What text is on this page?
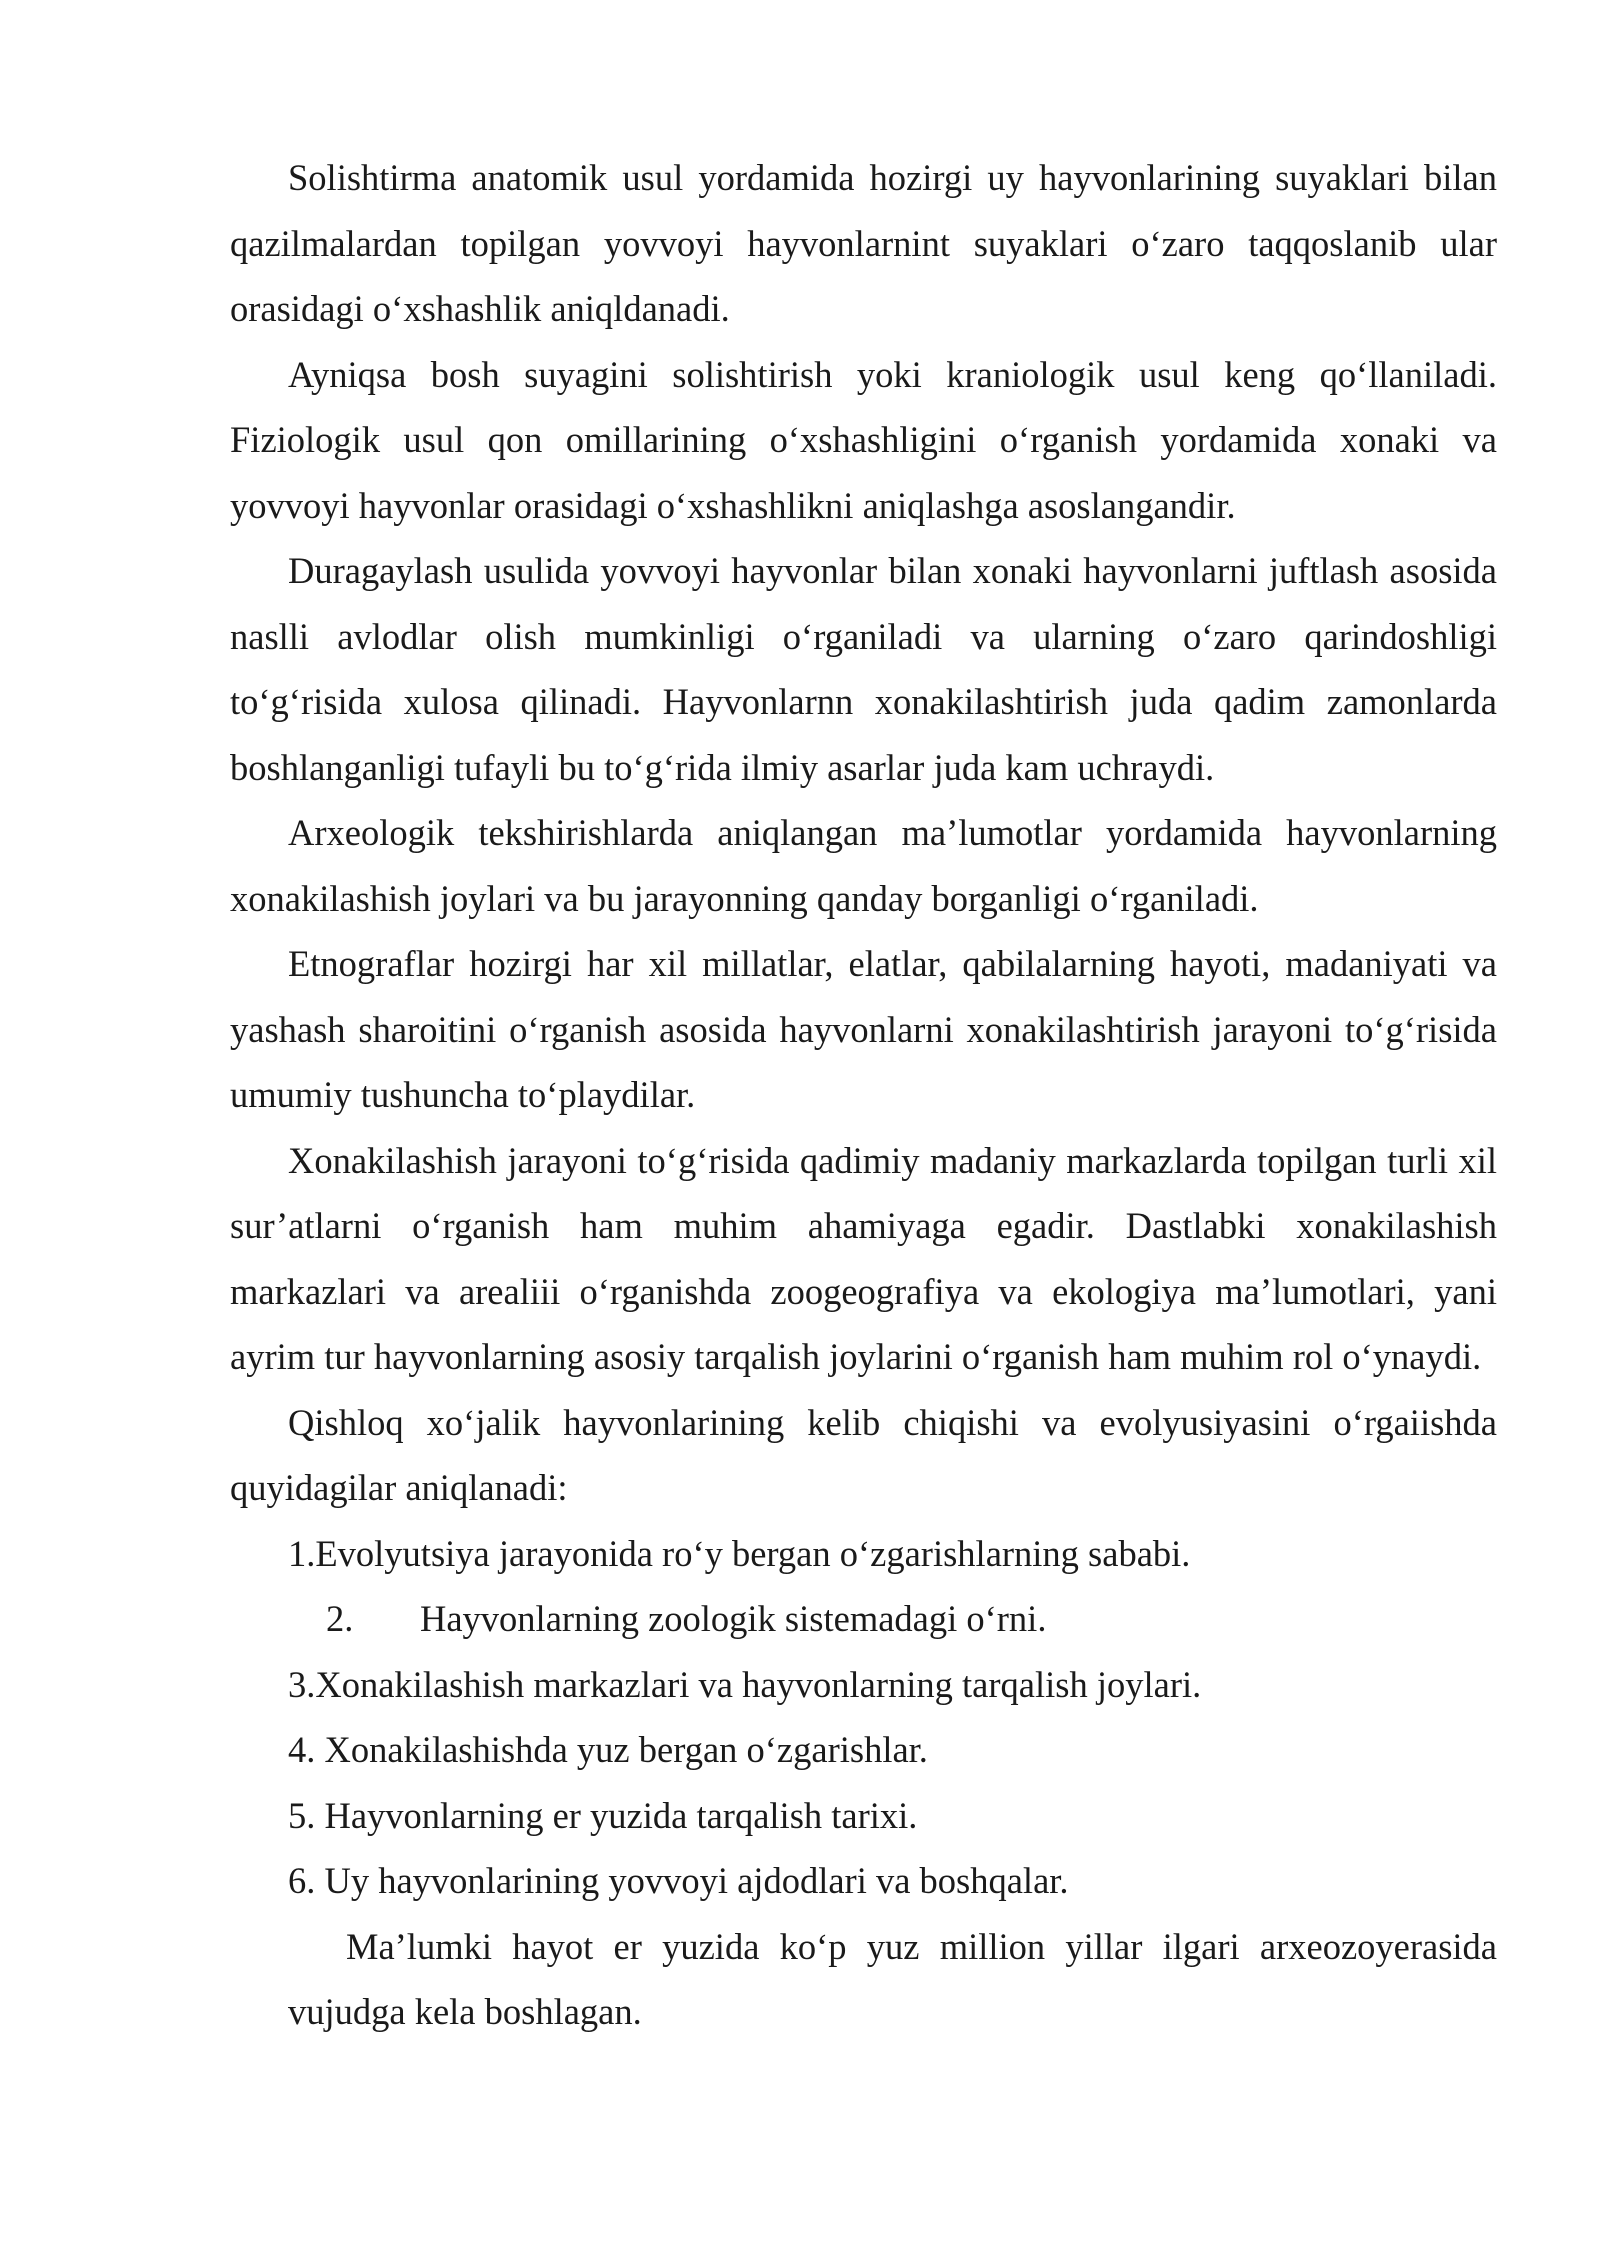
Solishtirma anatomik usul yordamida hozirgi uy hayvonlarining suyaklari bilan qazilmalardan topilgan yovvoyi hayvonlarnint suyaklari o‘zaro taqqoslanib ular orasidagi o‘xshashlik aniqldanadi.

Ayniqsa bosh suyagini solishtirish yoki kraniologik usul keng qo‘llaniladi. Fiziologik usul qon omillarining o‘xshashligini o‘rganish yordamida xonaki va yovvoyi hayvonlar orasidagi o‘xshashlikni aniqlashga asoslangandir.

Duragaylash usulida yovvoyi hayvonlar bilan xonaki hayvonlarni juftlash asosida naslli avlodlar olish mumkinligi o‘rganiladi va ularning o‘zaro qarindoshligi to‘g‘risida xulosa qilinadi. Hayvonlarnn xonakilashtirish juda qadim zamonlarda boshlanganligi tufayli bu to‘g‘rida ilmiy asarlar juda kam uchraydi.

Arxeologik tekshirishlarda aniqlangan ma’lumotlar yordamida hayvonlarning xonakilashish joylari va bu jarayonning qanday borganligi o‘rganiladi.

Etnograflar hozirgi har xil millatlar, elatlar, qabilalarning hayoti, madaniyati va yashash sharoitini o‘rganish asosida hayvonlarni xonakilashtirish jarayoni to‘g‘risida umumiy tushuncha to‘playdilar.

Xonakilashish jarayoni to‘g‘risida qadimiy madaniy markazlarda topilgan turli xil sur’atlarni o‘rganish ham muhim ahamiyaga egadir. Dastlabki xonakilashish markazlari va arealiii o‘rganishda zoogeografiya va ekologiya ma’lumotlari, yani ayrim tur hayvonlarning asosiy tarqalish joylarini o‘rganish ham muhim rol o‘ynaydi.

Qishloq xo‘jalik hayvonlarining kelib chiqishi va evolyusiyasini o‘rgaiishda quyidagilar aniqlanadi:

1.Evolyutsiya jarayonida ro‘y bergan o‘zgarishlarning sababi.
2. Hayvonlarning zoologik sistemadagi o‘rni.
3.Xonakilashish markazlari va hayvonlarning tarqalish joylari.
4. Xonakilashishda yuz bergan o‘zgarishlar.
5. Hayvonlarning er yuzida tarqalish tarixi.
6. Uy hayvonlarining yovvoyi ajdodlari va boshqalar.

Ma’lumki hayot er yuzida ko‘p yuz million yillar ilgari arxeozoyerasida vujudga kela boshlagan.
